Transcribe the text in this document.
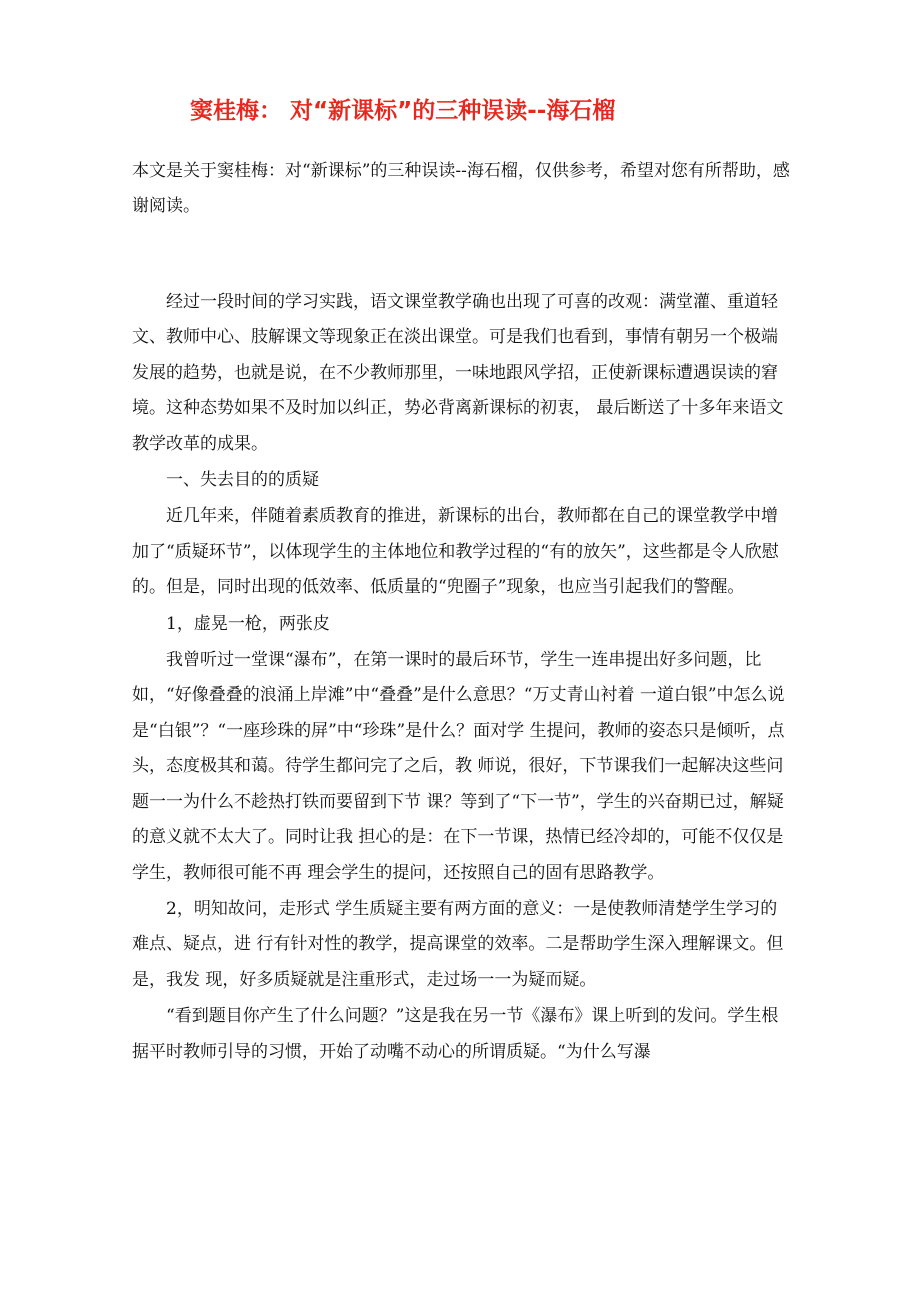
窦桂梅： 对“新课标”的三种误读--海石榴
本文是关于窦桂梅：对“新课标”的三种误读--海石榴，仅供参考，希望对您有所帮助，感谢阅读。

经过一段时间的学习实践，语文课堂教学确也出现了可喜的改观：满堂灌、重道轻文、教师中心、肢解课文等现象正在淡出课堂。可是我们也看到，事情有朝另一个极端发展的趋势，也就是说，在不少教师那里，一味地跟风学招，正使新课标遭遇误读的窘境。这种态势如果不及时加以纠正，势必背离新课标的初衷， 最后断送了十多年来语文教学改革的成果。

一、失去目的的质疑

近几年来，伴随着素质教育的推进，新课标的出台，教师都在自己的课堂教学中增加了“质疑环节”，以体现学生的主体地位和教学过程的“有的放矢”，这些都是令人欣慰的。但是，同时出现的低效率、低质量的“兜圈子”现象，也应当引起我们的警醒。

1，虚晃一枪，两张皮

我曾听过一堂课“瀑布”，在第一课时的最后环节，学生一连串提出好多问题，比如，“好像叠叠的浪涌上岸滩”中“叠叠”是什么意思？“万丈青山衬着 一道白银”中怎么说是“白银”？“一座珍珠的屏”中“珍珠”是什么？面对学 生提问，教师的姿态只是倾听，点头，态度极其和蔼。待学生都问完了之后，教 师说，很好，下节课我们一起解决这些问题一一为什么不趁热打铁而要留到下节 课？等到了“下一节”，学生的兴奋期已过，解疑的意义就不太大了。同时让我 担心的是：在下一节课，热情已经冷却的，可能不仅仅是学生，教师很可能不再 理会学生的提问，还按照自己的固有思路教学。

2，明知故问，走形式 学生质疑主要有两方面的意义：一是使教师清楚学生学习的难点、疑点，进 行有针对性的教学，提高课堂的效率。二是帮助学生深入理解课文。但是，我发 现，好多质疑就是注重形式，走过场一一为疑而疑。

“看到题目你产生了什么问题？”这是我在另一节《瀑布》课上听到的发问。学生根据平时教师引导的习惯，开始了动嘴不动心的所谓质疑。“为什么写瀑
